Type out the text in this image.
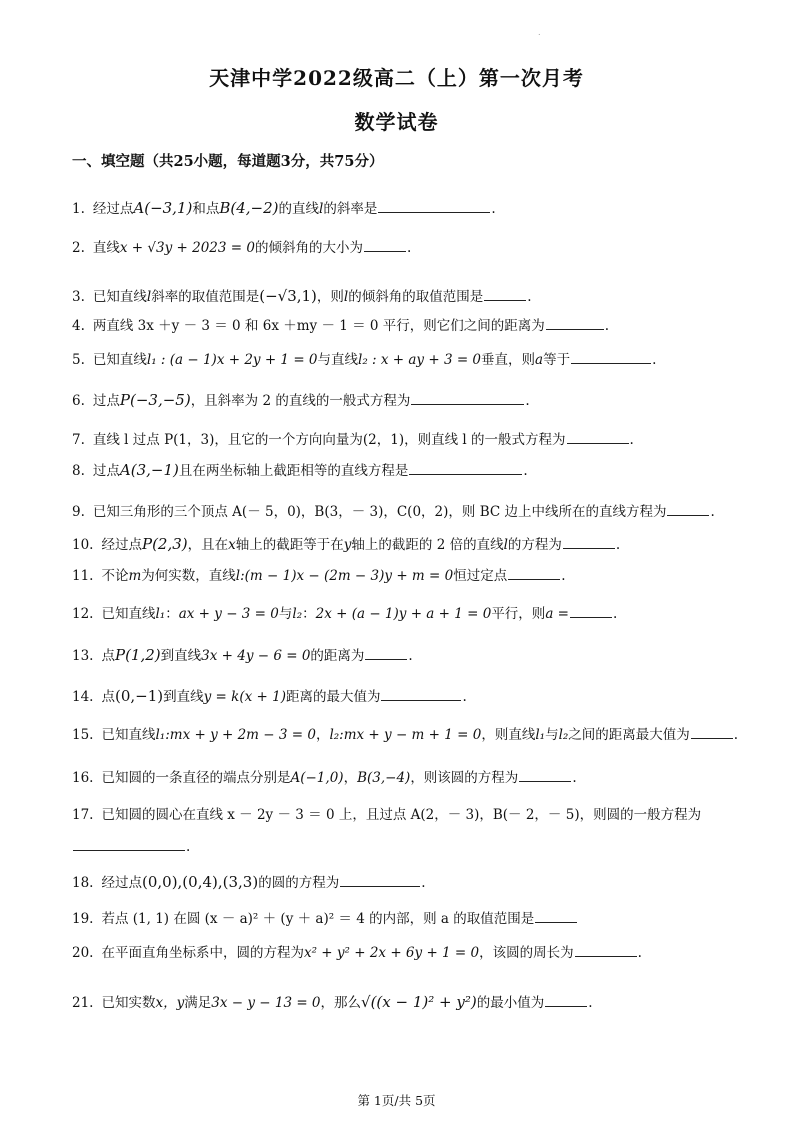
.
天津中学2022级高二（上）第一次月考
数学试卷
一、填空题（共25小题，每道题3分，共75分）
1. 经过点A(−3,1)和点B(4,−2)的直线l的斜率是	.
2. 直线x + √3y + 2023 = 0的倾斜角的大小为	.
3. 已知直线l斜率的取值范围是(−√3,1)，则l的倾斜角的取值范围是	.
4. 两直线 3x ＋y － 3 ＝ 0 和 6x ＋my － 1 ＝ 0 平行，则它们之间的距离为	.
5. 已知直线l₁ : (a − 1)x + 2y + 1 = 0与直线l₂ : x + ay + 3 = 0垂直，则a等于	.
6. 过点P(−3,−5)，且斜率为 2 的直线的一般式方程为	.
7. 直线 l 过点 P(1，3)，且它的一个方向向量为(2，1)，则直线 l 的一般式方程为	.
8. 过点A(3,−1)且在两坐标轴上截距相等的直线方程是	.
9. 已知三角形的三个顶点 A(－ 5，0)，B(3，－ 3)，C(0，2)，则 BC 边上中线所在的直线方程为	.
10. 经过点P(2,3)，且在x轴上的截距等于在y轴上的截距的 2 倍的直线l的方程为	.
11. 不论m为何实数，直线l:(m − 1)x − (2m − 3)y + m = 0恒过定点	.
12. 已知直线l₁：ax + y − 3 = 0与l₂：2x + (a − 1)y + a + 1 = 0平行，则a =	.
13. 点P(1,2)到直线3x + 4y − 6 = 0的距离为	.
14. 点(0,−1)到直线y = k(x + 1)距离的最大值为	.
15. 已知直线l₁:mx + y + 2m − 3 = 0，l₂:mx + y − m + 1 = 0，则直线l₁与l₂之间的距离最大值为	.
16. 已知圆的一条直径的端点分别是A(−1,0)，B(3,−4)，则该圆的方程为	.
17. 已知圆的圆心在直线 x － 2y － 3 ＝ 0 上，且过点 A(2，－ 3)，B(－ 2，－ 5)，则圆的一般方程为
.
18. 经过点(0,0),(0,4),(3,3)的圆的方程为	.
19. 若点 (1, 1) 在圆 (x － a)² ＋ (y ＋ a)² ＝ 4 的内部，则 a 的取值范围是
20. 在平面直角坐标系中，圆的方程为x² + y² + 2x + 6y + 1 = 0，该圆的周长为	.
21. 已知实数x，y满足3x − y − 13 = 0，那么√((x − 1)² + y²)的最小值为	.
第 1页/共 5页
